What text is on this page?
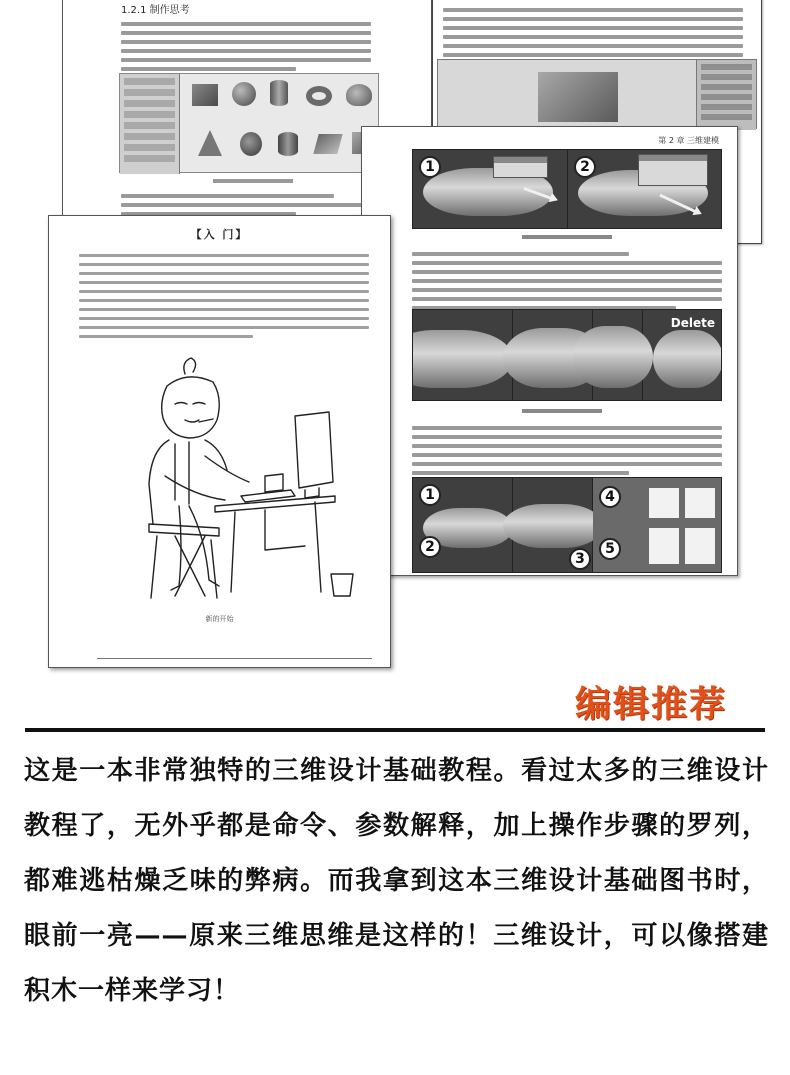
1.2.1 制作思考
第 2 章 三维建模
1	2
Delete
1
2
3
4
5
【入 门】
新的开始
编辑推荐

这是一本非常独特的三维设计基础教程。看过太多的三维设计教程了，无外乎都是命令、参数解释，加上操作步骤的罗列，都难逃枯燥乏味的弊病。而我拿到这本三维设计基础图书时，眼前一亮——原来三维思维是这样的！三维设计，可以像搭建积木一样来学习！
